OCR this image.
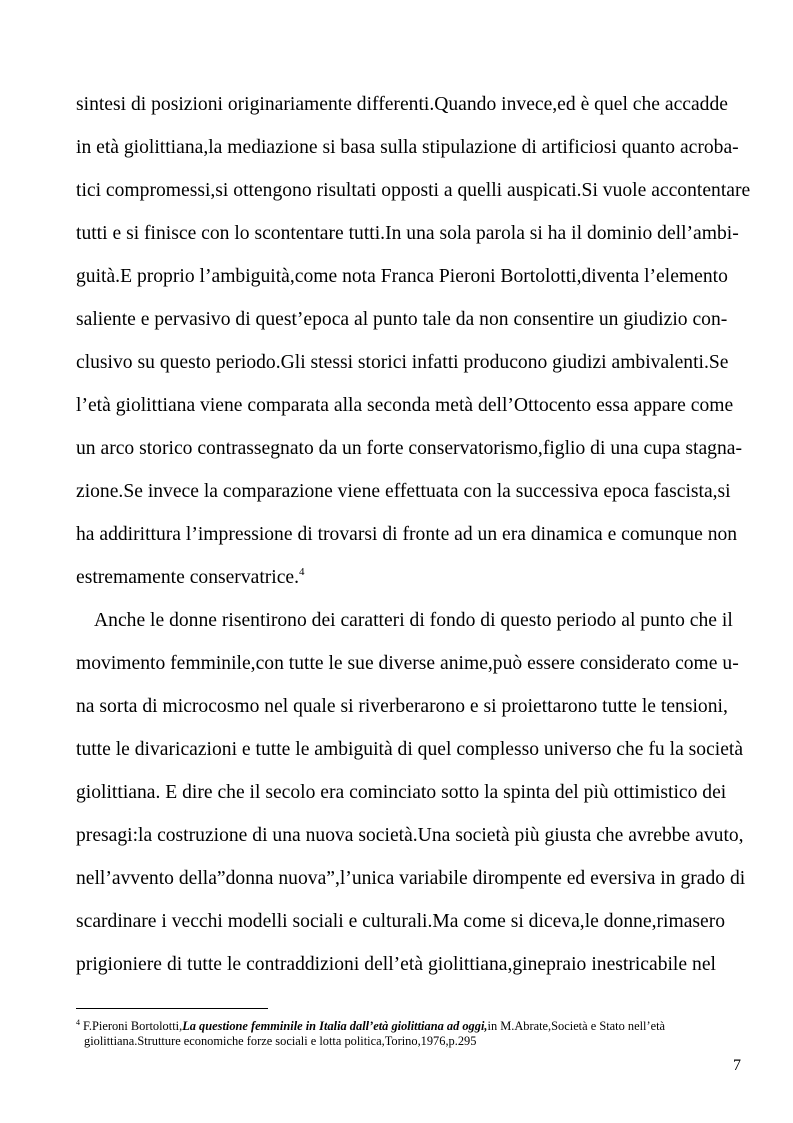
sintesi di posizioni originariamente differenti.Quando invece,ed è quel che accadde
in età giolittiana,la mediazione si basa sulla stipulazione di artificiosi quanto acroba-
tici compromessi,si ottengono risultati opposti a quelli auspicati.Si vuole accontentare
tutti e si finisce con lo scontentare tutti.In una sola parola si ha il dominio dell’ambi-
guità.E proprio l’ambiguità,come nota Franca Pieroni Bortolotti,diventa l’elemento
saliente e pervasivo di quest’epoca al punto tale da non consentire un giudizio con-
clusivo su questo periodo.Gli stessi storici infatti producono giudizi ambivalenti.Se
l’età giolittiana viene comparata alla seconda metà dell’Ottocento essa appare come
un arco storico contrassegnato da un forte conservatorismo,figlio di una cupa stagna-
zione.Se invece la comparazione viene effettuata con la successiva epoca fascista,si
ha addirittura l’impressione di trovarsi di fronte ad un era dinamica e comunque non
estremamente conservatrice.$^4$
Anche le donne risentirono dei caratteri di fondo di questo periodo al punto che il
movimento femminile,con tutte le sue diverse anime,può essere considerato come u-
na sorta di microcosmo nel quale si riverberarono e si proiettarono tutte le tensioni,
tutte le divaricazioni e tutte le ambiguità di quel complesso universo che fu la società
giolittiana. E dire che il secolo era cominciato sotto la spinta del più ottimistico dei
presagi:la costruzione di una nuova società.Una società più giusta che avrebbe avuto,
nell’avvento della”donna nuova”,l’unica variabile dirompente ed eversiva in grado di
scardinare i vecchi modelli sociali e culturali.Ma come si diceva,le donne,rimasero
prigioniere di tutte le contraddizioni dell’età giolittiana,ginepraio inestricabile nel
$^4$ F.Pieroni Bortolotti,La questione femminile in Italia dall’età giolittiana ad oggi,in M.Abrate,Società e Stato nell’età
giolittiana.Strutture economiche forze sociali e lotta politica,Torino,1976,p.295
7
